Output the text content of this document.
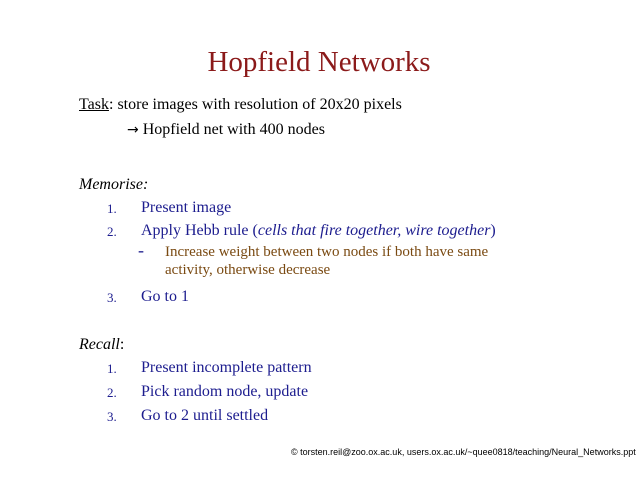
Hopfield Networks
Task: store images with resolution of 20x20 pixels
→ Hopfield net with 400 nodes
Memorise:
1. Present image
2. Apply Hebb rule (cells that fire together, wire together)
- Increase weight between two nodes if both have same
activity, otherwise decrease
3. Go to 1
Recall:
1. Present incomplete pattern
2. Pick random node, update
3. Go to 2 until settled
© torsten.reil@zoo.ox.ac.uk, users.ox.ac.uk/~quee0818/teaching/Neural_Networks.ppt
